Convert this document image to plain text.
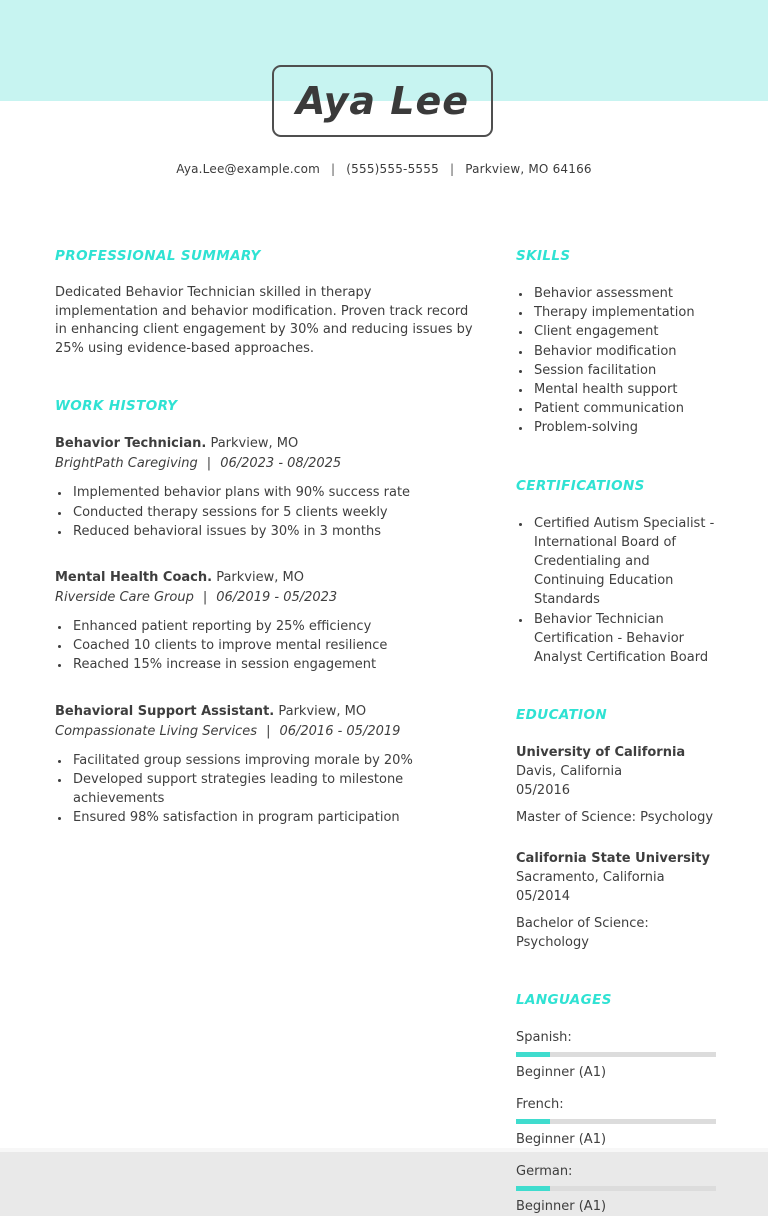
Aya Lee
Aya.Lee@example.com | (555)555-5555 | Parkview, MO 64166
PROFESSIONAL SUMMARY
Dedicated Behavior Technician skilled in therapy implementation and behavior modification. Proven track record in enhancing client engagement by 30% and reducing issues by 25% using evidence-based approaches.
WORK HISTORY
Behavior Technician. Parkview, MO
BrightPath Caregiving | 06/2023 - 08/2025
• Implemented behavior plans with 90% success rate
• Conducted therapy sessions for 5 clients weekly
• Reduced behavioral issues by 30% in 3 months
Mental Health Coach. Parkview, MO
Riverside Care Group | 06/2019 - 05/2023
• Enhanced patient reporting by 25% efficiency
• Coached 10 clients to improve mental resilience
• Reached 15% increase in session engagement
Behavioral Support Assistant. Parkview, MO
Compassionate Living Services | 06/2016 - 05/2019
• Facilitated group sessions improving morale by 20%
• Developed support strategies leading to milestone achievements
• Ensured 98% satisfaction in program participation
SKILLS
• Behavior assessment
• Therapy implementation
• Client engagement
• Behavior modification
• Session facilitation
• Mental health support
• Patient communication
• Problem-solving
CERTIFICATIONS
• Certified Autism Specialist - International Board of Credentialing and Continuing Education Standards
• Behavior Technician Certification - Behavior Analyst Certification Board
EDUCATION
University of California
Davis, California
05/2016
Master of Science: Psychology
California State University
Sacramento, California
05/2014
Bachelor of Science: Psychology
LANGUAGES
Spanish:
Beginner (A1)
French:
Beginner (A1)
German:
Beginner (A1)
